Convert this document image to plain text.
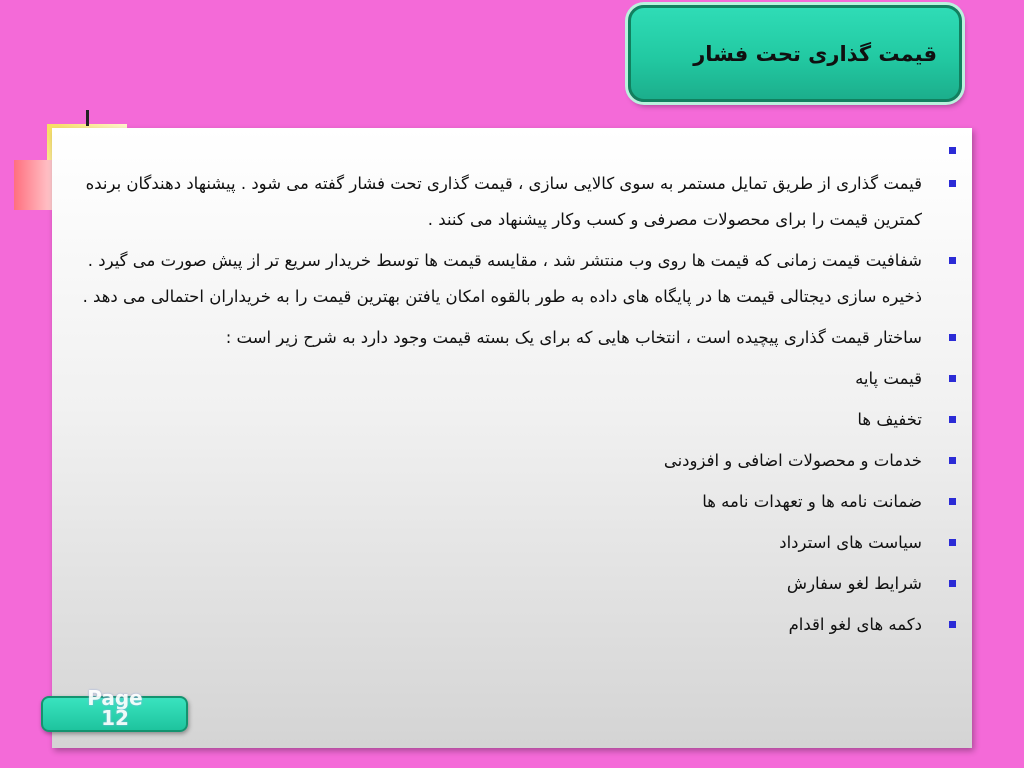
قیمت گذاری تحت فشار
قیمت گذاری از طریق تمایل مستمر به سوی کالایی سازی ، قیمت گذاری تحت فشار گفته می شود . پیشنهاد دهندگان برنده کمترین قیمت را برای محصولات مصرفی و کسب وکار پیشنهاد می کنند .
شفافیت قیمت زمانی که قیمت ها روی وب منتشر شد ، مقایسه قیمت ها توسط خریدار سریع تر از پیش صورت می گیرد . ذخیره سازی دیجتالی قیمت ها در پایگاه های داده به طور بالقوه امکان یافتن بهترین قیمت را به خریداران احتمالی می دهد .
ساختار قیمت گذاری پیچیده است ، انتخاب هایی که برای یک بسته قیمت وجود دارد به شرح زیر است :
قیمت پایه
تخفیف ها
خدمات و محصولات اضافی و افزودنی
ضمانت نامه ها و تعهدات نامه ها
سیاست های استرداد
شرایط لغو سفارش
دکمه های لغو اقدام
Page
12
